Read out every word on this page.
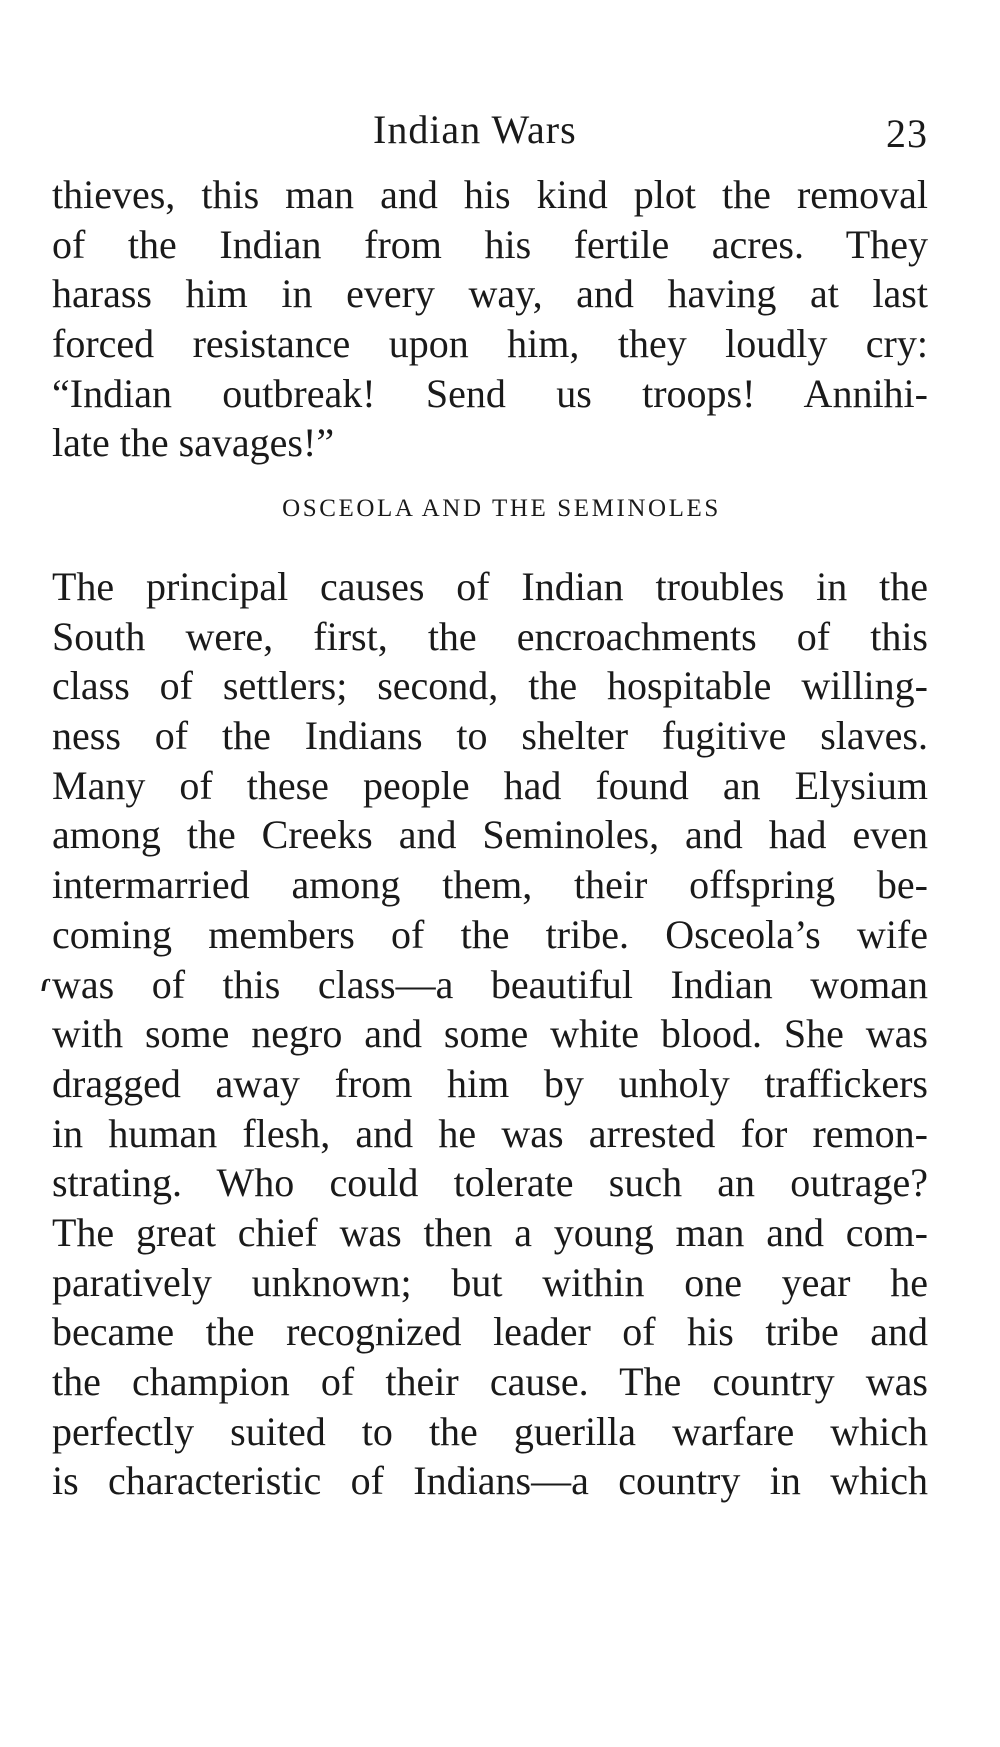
Indian Wars	23
thieves, this man and his kind plot the removal
of the Indian from his fertile acres. They
harass him in every way, and having at last
forced resistance upon him, they loudly cry:
“Indian outbreak! Send us troops! Annihi-
late the savages!”
OSCEOLA AND THE SEMINOLES
ɾ
The principal causes of Indian troubles in the
South were, first, the encroachments of this
class of settlers; second, the hospitable willing-
ness of the Indians to shelter fugitive slaves.
Many of these people had found an Elysium
among the Creeks and Seminoles, and had even
intermarried among them, their offspring be-
coming members of the tribe. Osceola’s wife
was of this class—a beautiful Indian woman
with some negro and some white blood. She was
dragged away from him by unholy traffickers
in human flesh, and he was arrested for remon-
strating. Who could tolerate such an outrage?
The great chief was then a young man and com-
paratively unknown; but within one year he
became the recognized leader of his tribe and
the champion of their cause. The country was
perfectly suited to the guerilla warfare which
is characteristic of Indians—a country in which
